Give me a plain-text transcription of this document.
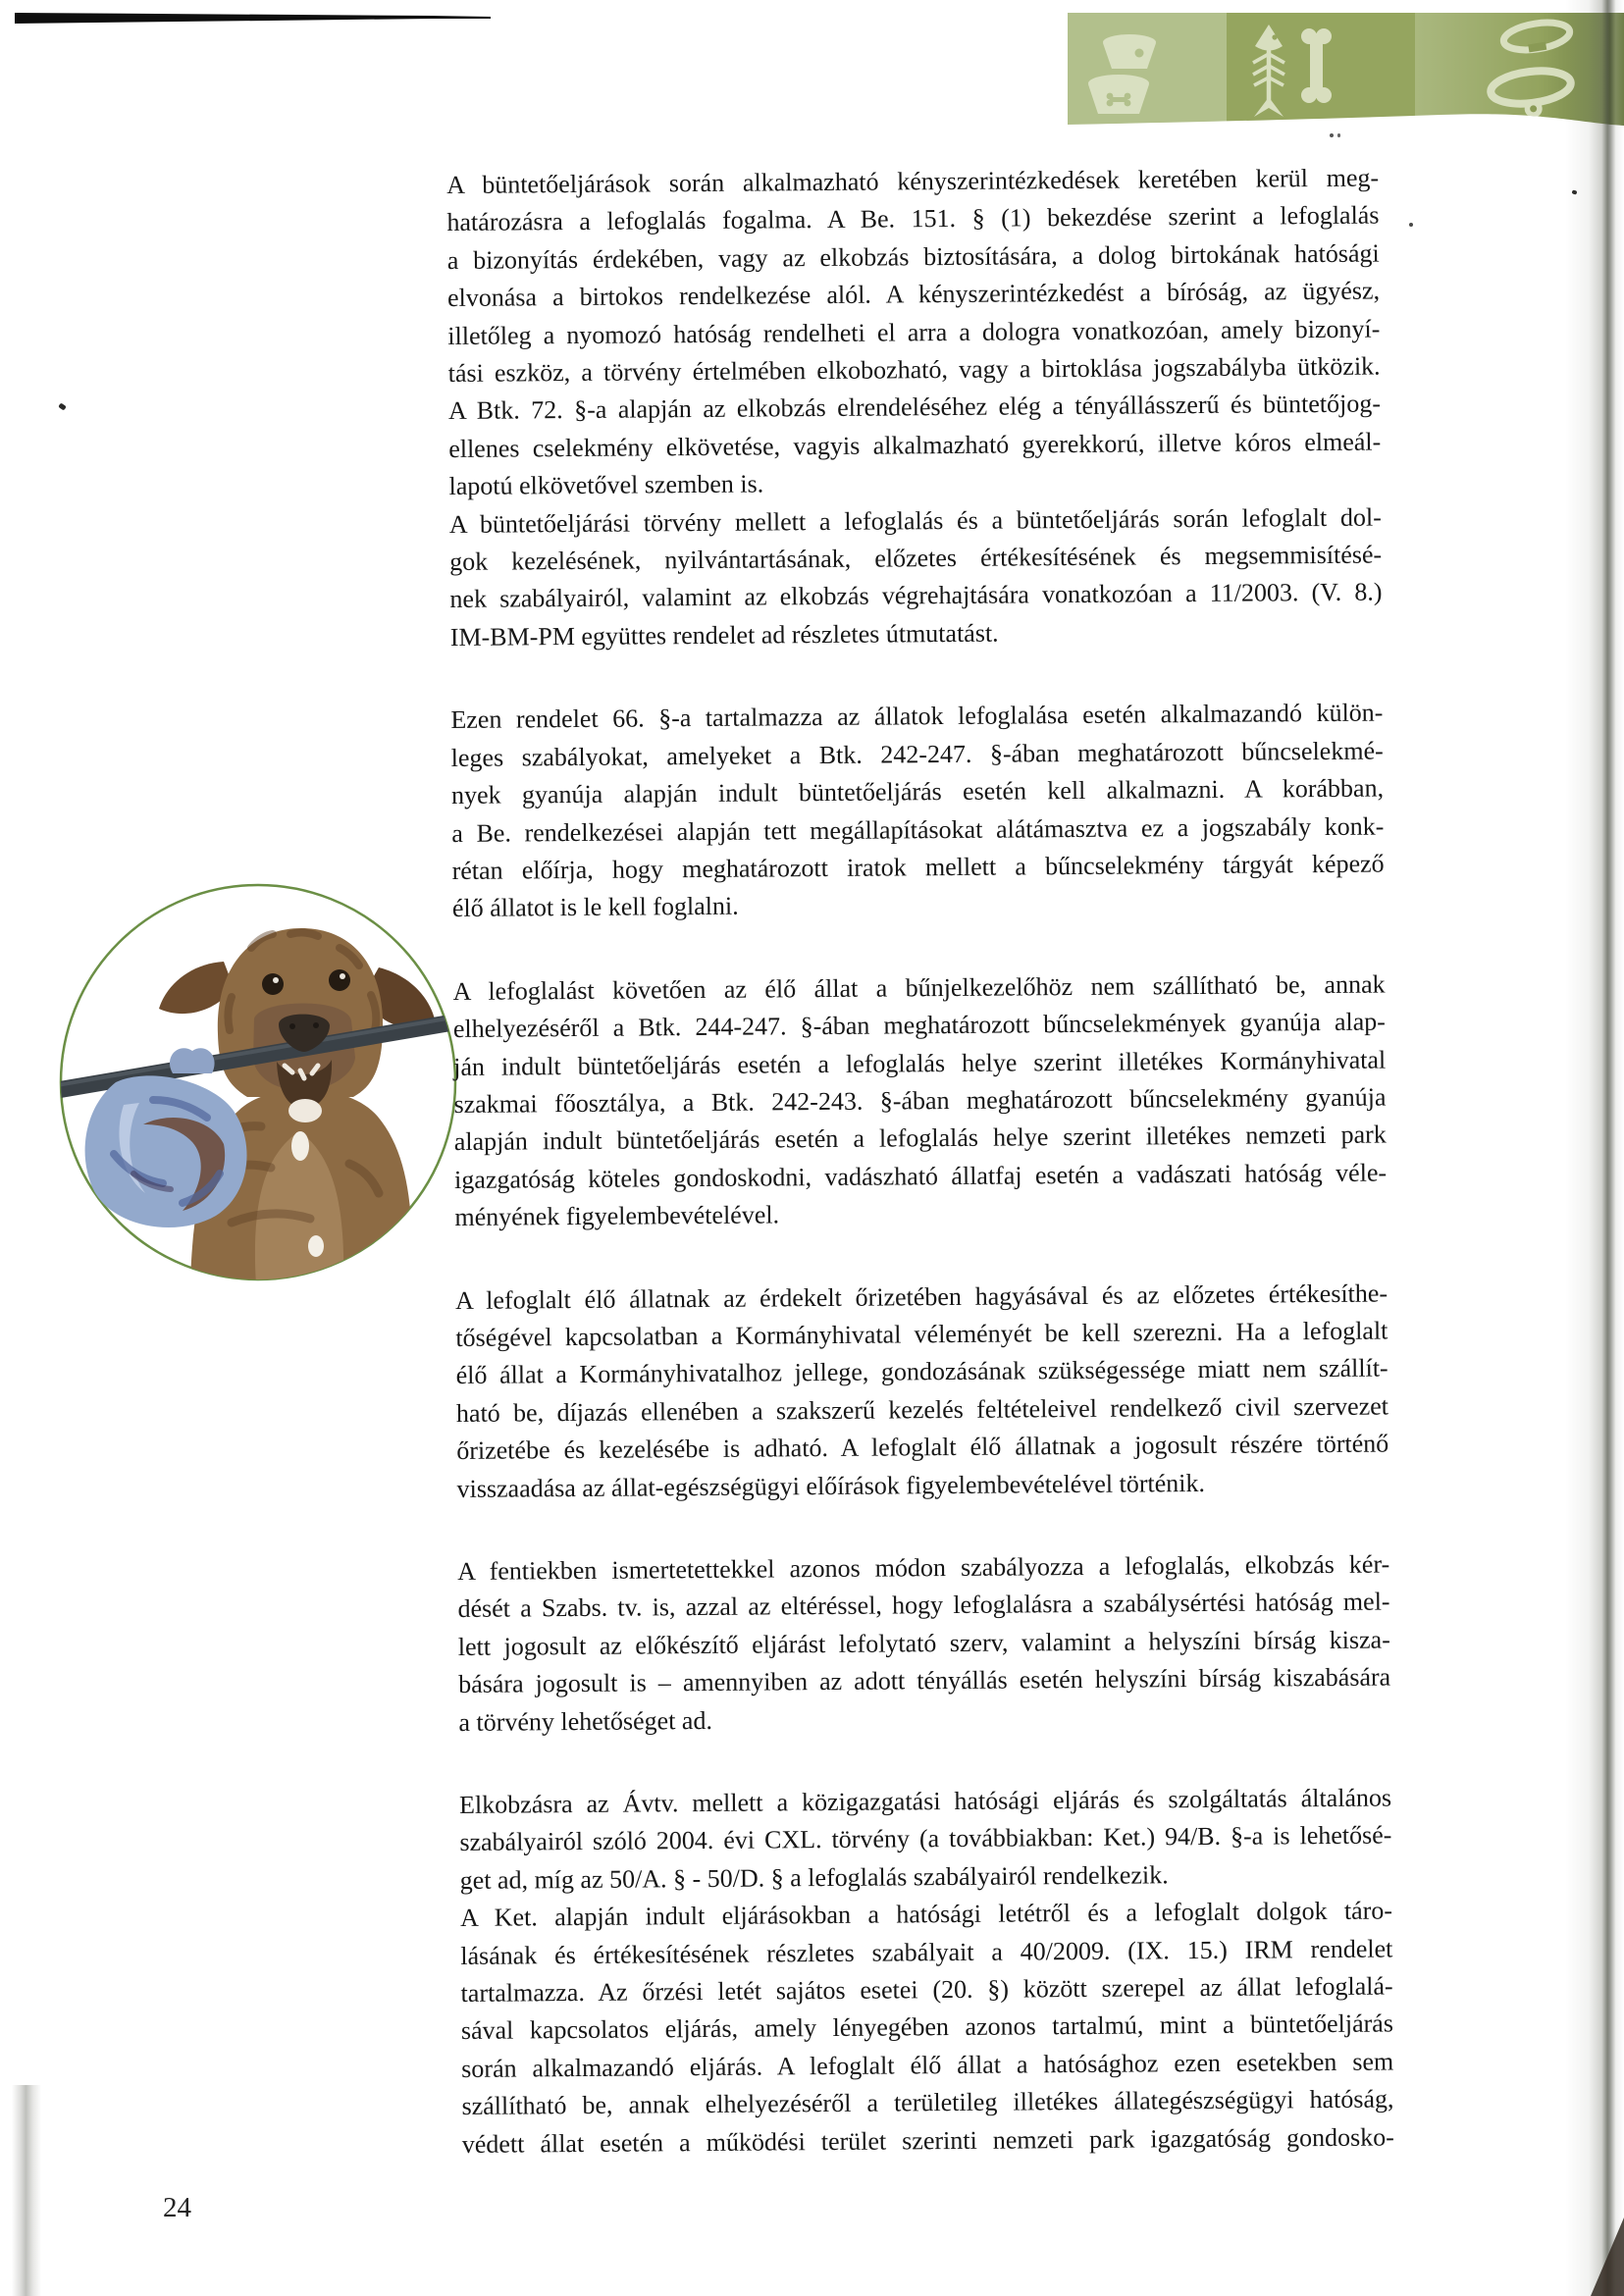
A büntetőeljárások során alkalmazható kényszerintézkedések keretében kerül meg-
határozásra a lefoglalás fogalma. A Be. 151. § (1) bekezdése szerint a lefoglalás
a bizonyítás érdekében, vagy az elkobzás biztosítására, a dolog birtokának hatósági
elvonása a birtokos rendelkezése alól. A kényszerintézkedést a bíróság, az ügyész,
illetőleg a nyomozó hatóság rendelheti el arra a dologra vonatkozóan, amely bizonyí-
tási eszköz, a törvény értelmében elkobozható, vagy a birtoklása jogszabályba ütközik.
A Btk. 72. §-a alapján az elkobzás elrendeléséhez elég a tényállásszerű és büntetőjog-
ellenes cselekmény elkövetése, vagyis alkalmazható gyerekkorú, illetve kóros elmeál-
lapotú elkövetővel szemben is.
A büntetőeljárási törvény mellett a lefoglalás és a büntetőeljárás során lefoglalt dol-
gok kezelésének, nyilvántartásának, előzetes értékesítésének és megsemmisítésé-
nek szabályairól, valamint az elkobzás végrehajtására vonatkozóan a 11/2003. (V. 8.)
IM-BM-PM együttes rendelet ad részletes útmutatást.
Ezen rendelet 66. §-a tartalmazza az állatok lefoglalása esetén alkalmazandó külön-
leges szabályokat, amelyeket a Btk. 242-247. §-ában meghatározott bűncselekmé-
nyek gyanúja alapján indult büntetőeljárás esetén kell alkalmazni. A korábban,
a Be. rendelkezései alapján tett megállapításokat alátámasztva ez a jogszabály konk-
rétan előírja, hogy meghatározott iratok mellett a bűncselekmény tárgyát képező
élő állatot is le kell foglalni.
A lefoglalást követően az élő állat a bűnjelkezelőhöz nem szállítható be, annak
elhelyezéséről a Btk. 244-247. §-ában meghatározott bűncselekmények gyanúja alap-
ján indult büntetőeljárás esetén a lefoglalás helye szerint illetékes Kormányhivatal
szakmai főosztálya, a Btk. 242-243. §-ában meghatározott bűncselekmény gyanúja
alapján indult büntetőeljárás esetén a lefoglalás helye szerint illetékes nemzeti park
igazgatóság köteles gondoskodni, vadászható állatfaj esetén a vadászati hatóság véle-
ményének figyelembevételével.
A lefoglalt élő állatnak az érdekelt őrizetében hagyásával és az előzetes értékesíthe-
tőségével kapcsolatban a Kormányhivatal véleményét be kell szerezni. Ha a lefoglalt
élő állat a Kormányhivatalhoz jellege, gondozásának szükségessége miatt nem szállít-
ható be, díjazás ellenében a szakszerű kezelés feltételeivel rendelkező civil szervezet
őrizetébe és kezelésébe is adható. A lefoglalt élő állatnak a jogosult részére történő
visszaadása az állat-egészségügyi előírások figyelembevételével történik.
A fentiekben ismertetettekkel azonos módon szabályozza a lefoglalás, elkobzás kér-
dését a Szabs. tv. is, azzal az eltéréssel, hogy lefoglalásra a szabálysértési hatóság mel-
lett jogosult az előkészítő eljárást lefolytató szerv, valamint a helyszíni bírság kisza-
bására jogosult is – amennyiben az adott tényállás esetén helyszíni bírság kiszabására
a törvény lehetőséget ad.
Elkobzásra az Ávtv. mellett a közigazgatási hatósági eljárás és szolgáltatás általános
szabályairól szóló 2004. évi CXL. törvény (a továbbiakban: Ket.) 94/B. §-a is lehetősé-
get ad, míg az 50/A. § - 50/D. § a lefoglalás szabályairól rendelkezik.
A Ket. alapján indult eljárásokban a hatósági letétről és a lefoglalt dolgok táro-
lásának és értékesítésének részletes szabályait a 40/2009. (IX. 15.) IRM rendelet
tartalmazza. Az őrzési letét sajátos esetei (20. §) között szerepel az állat lefoglalá-
sával kapcsolatos eljárás, amely lényegében azonos tartalmú, mint a büntetőeljárás
során alkalmazandó eljárás. A lefoglalt élő állat a hatósághoz ezen esetekben sem
szállítható be, annak elhelyezéséről a területileg illetékes állategészségügyi hatóság,
védett állat esetén a működési terület szerinti nemzeti park igazgatóság gondosko-
24
